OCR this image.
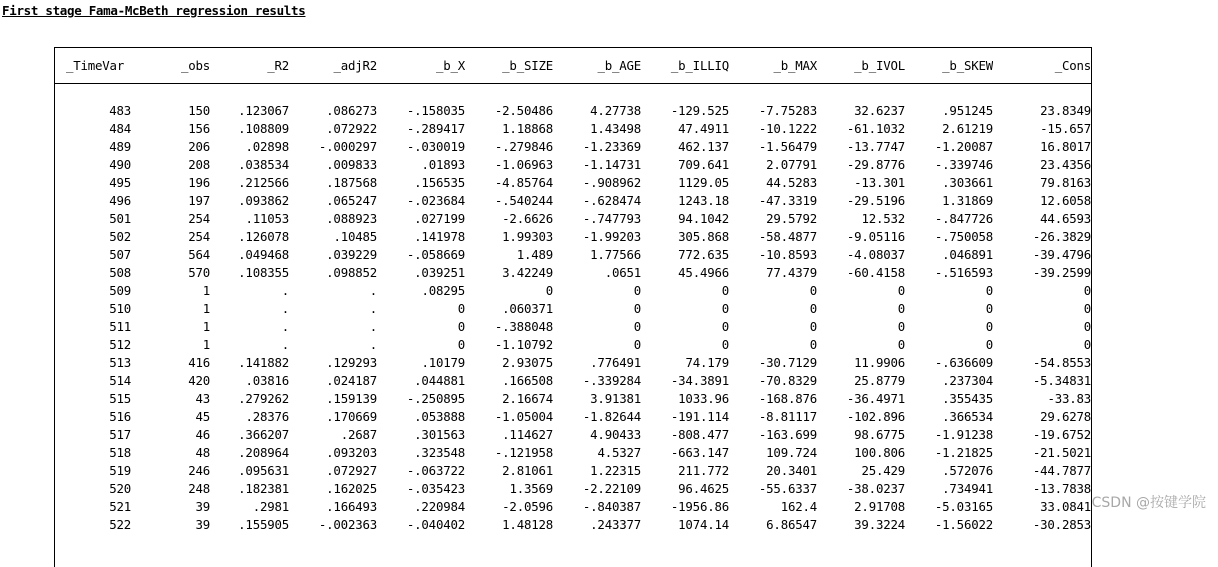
First stage Fama-McBeth regression results
_TimeVar	_obs	_R2	_adjR2	_b_X	_b_SIZE	_b_AGE	_b_ILLIQ	_b_MAX	_b_IVOL	_b_SKEW	_Cons

483	150	.123067	.086273	-.158035	-2.50486	4.27738	-129.525	-7.75283	32.6237	.951245	23.8349
484	156	.108809	.072922	-.289417	1.18868	1.43498	47.4911	-10.1222	-61.1032	2.61219	-15.657
489	206	.02898	-.000297	-.030019	-.279846	-1.23369	462.137	-1.56479	-13.7747	-1.20087	16.8017
490	208	.038534	.009833	.01893	-1.06963	-1.14731	709.641	2.07791	-29.8776	-.339746	23.4356
495	196	.212566	.187568	.156535	-4.85764	-.908962	1129.05	44.5283	-13.301	.303661	79.8163
496	197	.093862	.065247	-.023684	-.540244	-.628474	1243.18	-47.3319	-29.5196	1.31869	12.6058
501	254	.11053	.088923	.027199	-2.6626	-.747793	94.1042	29.5792	12.532	-.847726	44.6593
502	254	.126078	.10485	.141978	1.99303	-1.99203	305.868	-58.4877	-9.05116	-.750058	-26.3829
507	564	.049468	.039229	-.058669	1.489	1.77566	772.635	-10.8593	-4.08037	.046891	-39.4796
508	570	.108355	.098852	.039251	3.42249	.0651	45.4966	77.4379	-60.4158	-.516593	-39.2599
509	1	.	.	.08295	0	0	0	0	0	0	0
510	1	.	.	0	.060371	0	0	0	0	0	0
511	1	.	.	0	-.388048	0	0	0	0	0	0
512	1	.	.	0	-1.10792	0	0	0	0	0	0
513	416	.141882	.129293	.10179	2.93075	.776491	74.179	-30.7129	11.9906	-.636609	-54.8553
514	420	.03816	.024187	.044881	.166508	-.339284	-34.3891	-70.8329	25.8779	.237304	-5.34831
515	43	.279262	.159139	-.250895	2.16674	3.91381	1033.96	-168.876	-36.4971	.355435	-33.83
516	45	.28376	.170669	.053888	-1.05004	-1.82644	-191.114	-8.81117	-102.896	.366534	29.6278
517	46	.366207	.2687	.301563	.114627	4.90433	-808.477	-163.699	98.6775	-1.91238	-19.6752
518	48	.208964	.093203	.323548	-.121958	4.5327	-663.147	109.724	100.806	-1.21825	-21.5021
519	246	.095631	.072927	-.063722	2.81061	1.22315	211.772	20.3401	25.429	.572076	-44.7877
520	248	.182381	.162025	-.035423	1.3569	-2.22109	96.4625	-55.6337	-38.0237	.734941	-13.7838
521	39	.2981	.166493	.220984	-2.0596	-.840387	-1956.86	162.4	2.91708	-5.03165	33.0841
522	39	.155905	-.002363	-.040402	1.48128	.243377	1074.14	6.86547	39.3224	-1.56022	-30.2853
CSDN @按键学院
